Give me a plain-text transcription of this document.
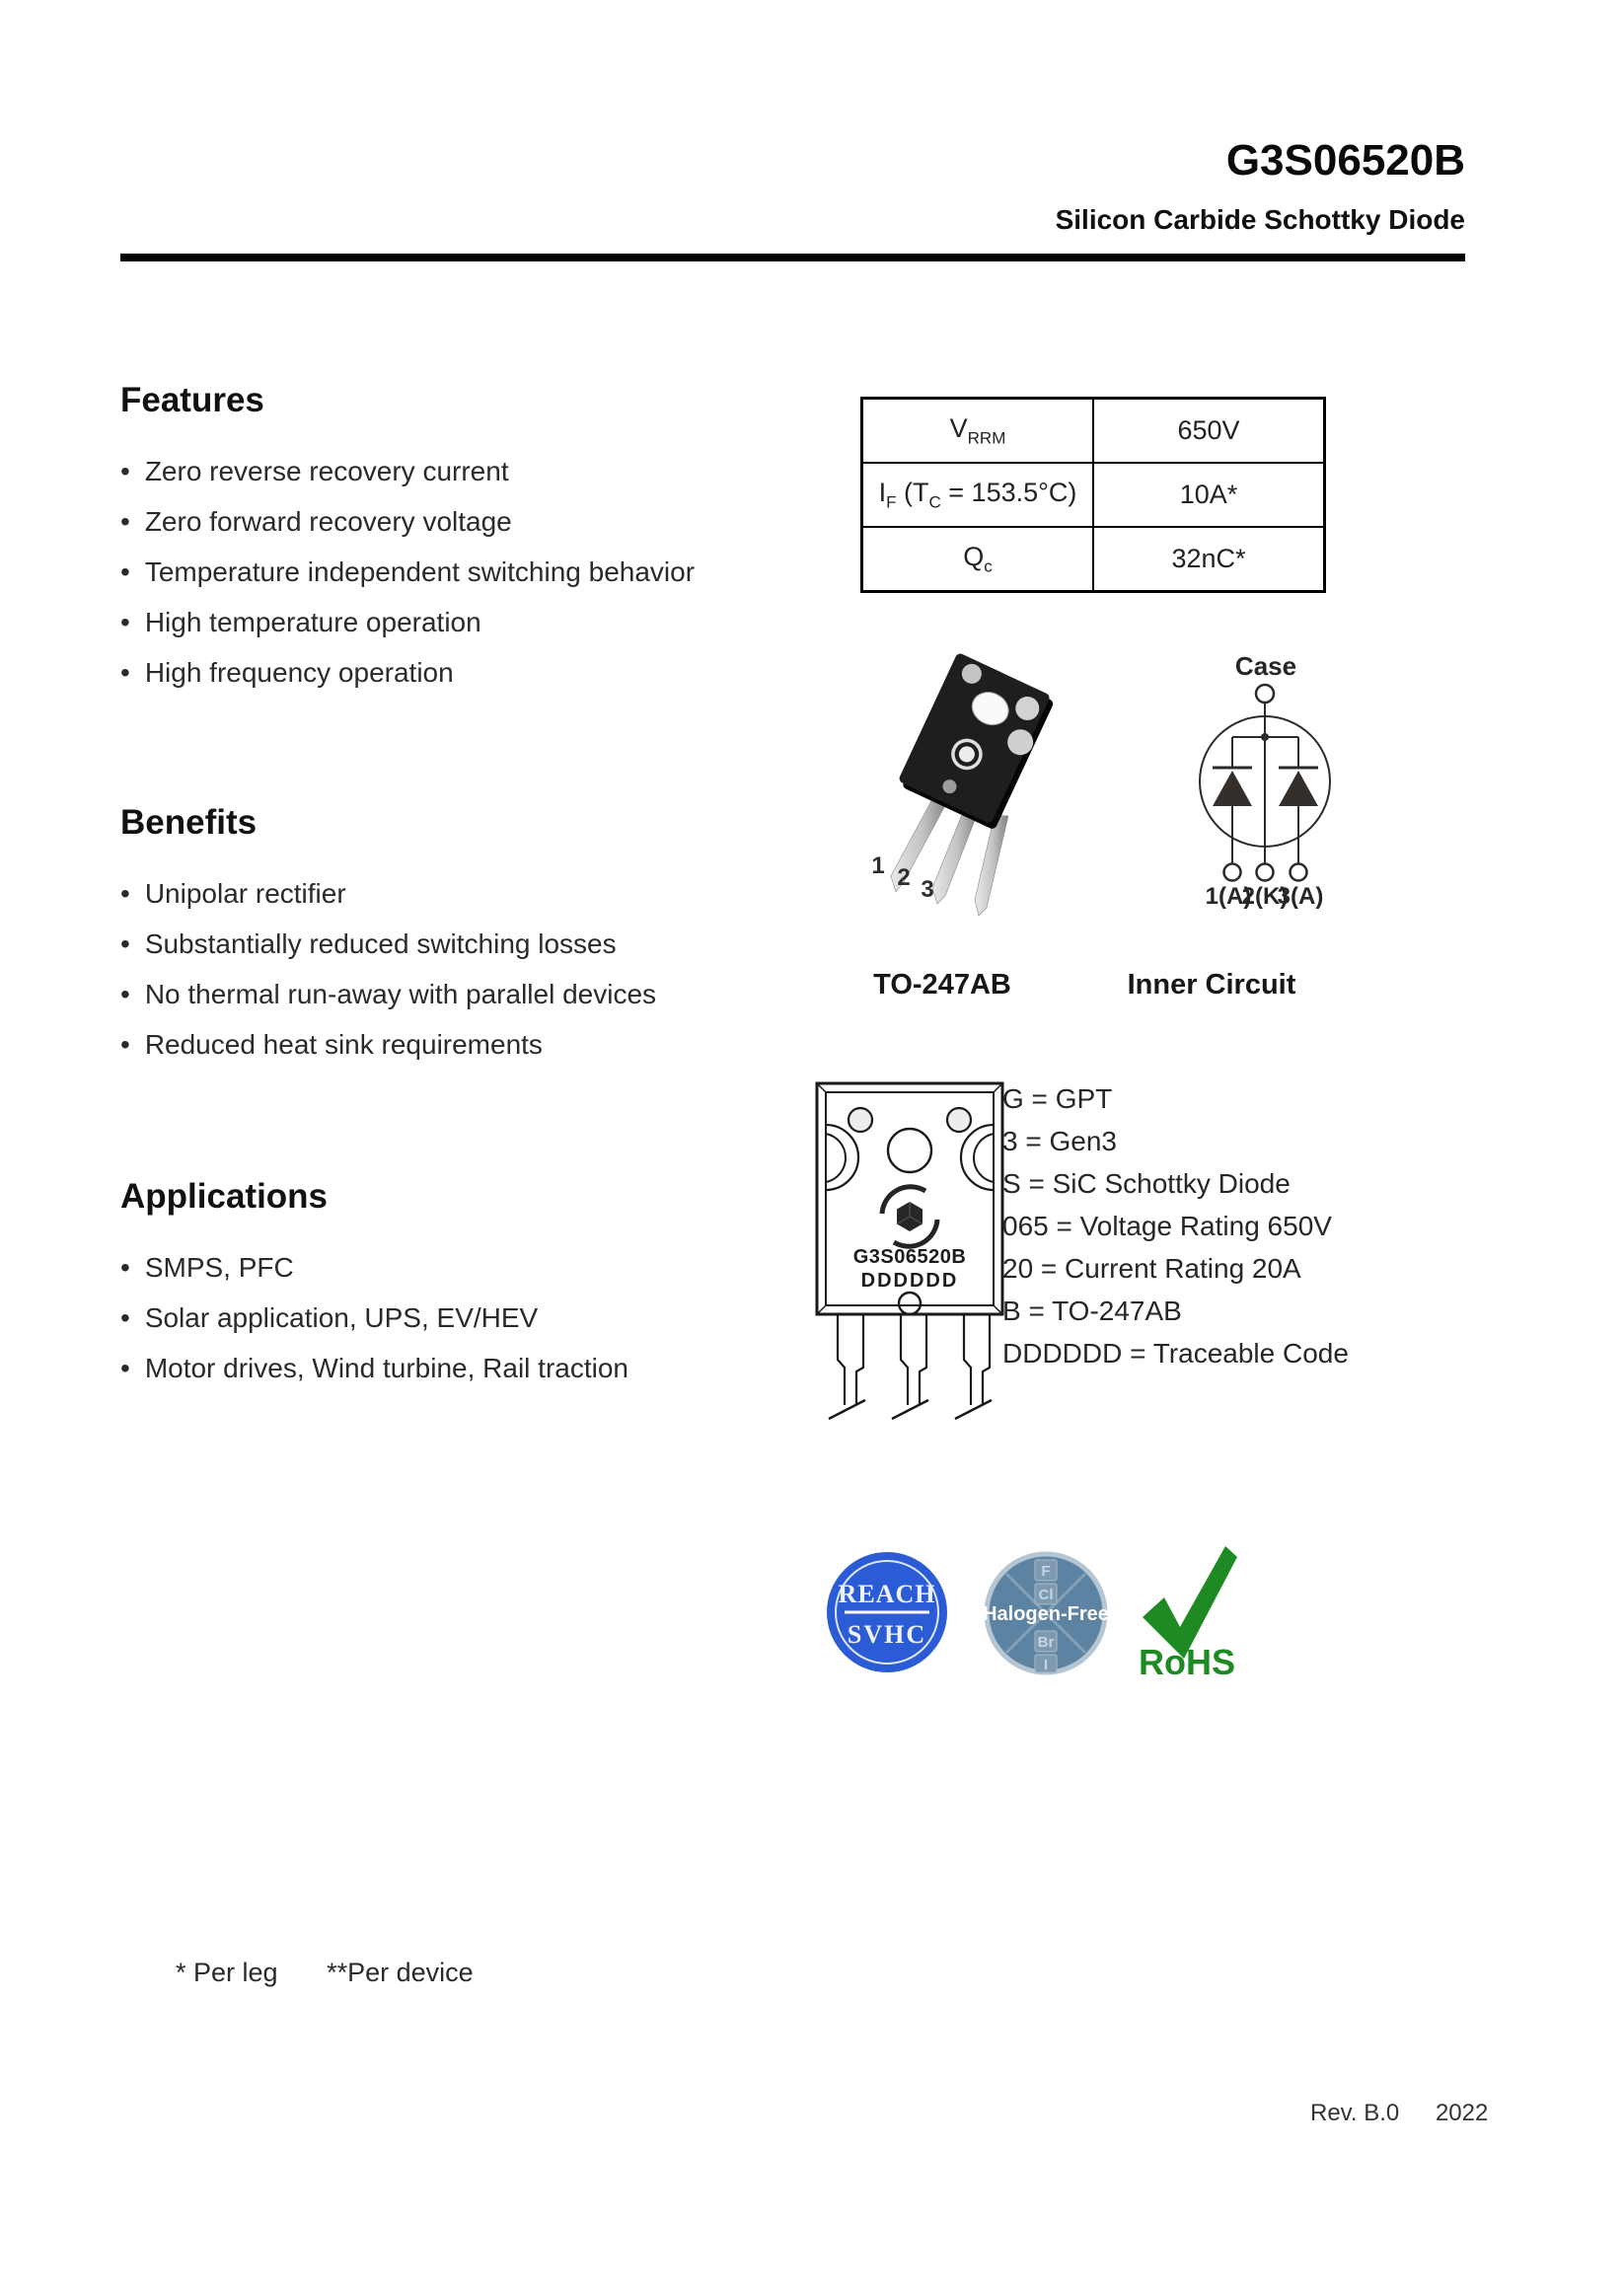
G3S06520B
Silicon Carbide Schottky Diode
Features
• Zero reverse recovery current
• Zero forward recovery voltage
• Temperature independent switching behavior
• High temperature operation
• High frequency operation
Benefits
• Unipolar rectifier
• Substantially reduced switching losses
• No thermal run-away with parallel devices
• Reduced heat sink requirements
Applications
• SMPS, PFC
• Solar application, UPS, EV/HEV
• Motor drives, Wind turbine, Rail traction
$V_{RRM}$	650V
$I_F$ $(T_C = 153.5^\circ C)$	10A*
$Q_c$	32nC*
1 2 3
TO-247AB	Inner Circuit
Case
1(A)
2(K)
3(A)
G3S06520B
DDDDDD
G = GPT
3 = Gen3
S = SiC Schottky Diode
065 = Voltage Rating 650V
20 = Current Rating 20A
B = TO-247AB
DDDDDD = Traceable Code
REACH
SVHC
F
Cl
Br
I
Halogen-Free
RoHS
* Per leg **Per device
Rev. B.0 2022
